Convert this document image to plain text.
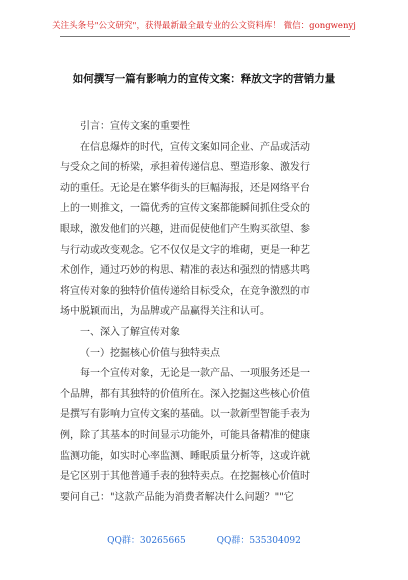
关注头条号"公文研究"，获得最新最全最专业的公文资料库！ 微信：gongwenyj
如何撰写一篇有影响力的宣传文案：释放文字的营销力量
引言：宣传文案的重要性
在信息爆炸的时代，宣传文案如同企业、产品或活动
与受众之间的桥梁，承担着传递信息、塑造形象、激发行
动的重任。无论是在繁华街头的巨幅海报，还是网络平台
上的一则推文，一篇优秀的宣传文案都能瞬间抓住受众的
眼球，激发他们的兴趣，进而促使他们产生购买欲望、参
与行动或改变观念。它不仅仅是文字的堆砌，更是一种艺
术创作，通过巧妙的构思、精准的表达和强烈的情感共鸣
将宣传对象的独特价值传递给目标受众，在竞争激烈的市
场中脱颖而出，为品牌或产品赢得关注和认可。
一、深入了解宣传对象
（一）挖掘核心价值与独特卖点
每一个宣传对象，无论是一款产品、一项服务还是一
个品牌，都有其独特的价值所在。深入挖掘这些核心价值
是撰写有影响力宣传文案的基础。以一款新型智能手表为
例，除了其基本的时间显示功能外，可能具备精准的健康
监测功能，如实时心率监测、睡眠质量分析等，这或许就
是它区别于其他普通手表的独特卖点。在挖掘核心价值时
要问自己："这款产品能为消费者解决什么问题？""它
QQ群：30265665	QQ群：535304092
